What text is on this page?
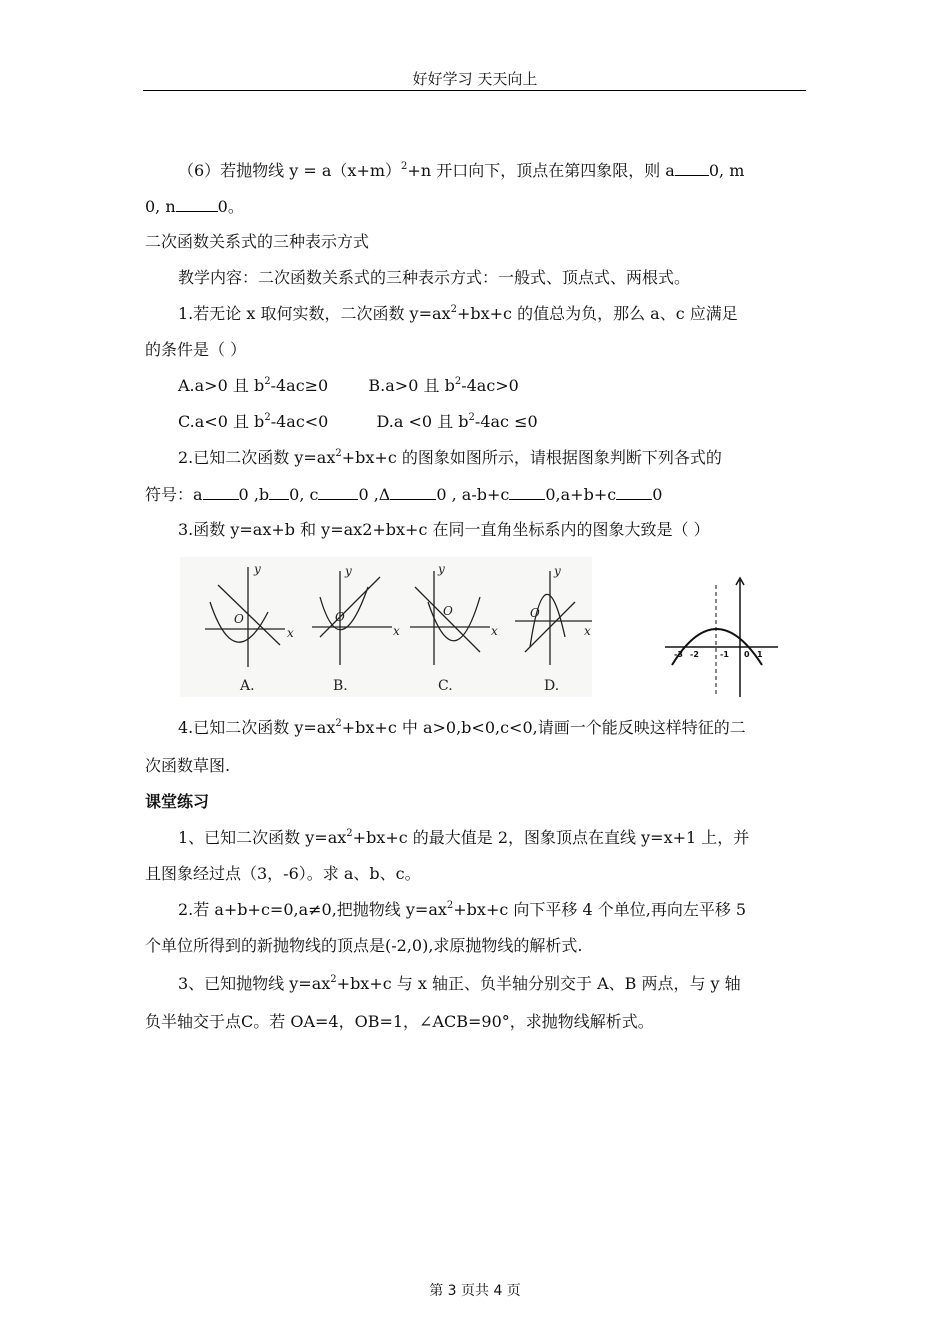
好好学习 天天向上
（6）若抛物线 $y = a(x+m)^2+n$ 开口向下，顶点在第四象限，则 a 0, m
0, n	0。
二次函数关系式的三种表示方式
教学内容：二次函数关系式的三种表示方式：一般式、顶点式、两根式。
1.若无论 x 取何实数，二次函数 $y=ax^2+bx+c$ 的值总为负，那么 a、c 应满足
的条件是（ ）
A.a>0 且 $b^2-4ac\ge 0$	B.a>0 且 $b^2-4ac>0$
C.a<0 且 $b^2-4ac<0$	D.a <0 且 $b^2-4ac \le 0$
2.已知二次函数 $y=ax^2+bx+c$ 的图象如图所示，请根据图象判断下列各式的
符号：a 0 ,b 0, c	0 ,Δ	0 , a-b+c 0,a+b+c 0
3.函数 y=ax+b 和 y=ax2+bx+c 在同一直角坐标系内的图象大致是（ ）
y
x
O
y
x
O
y
x
O
y
x
O
A.	B.	C.	D.
-3 -2	-1 0 1
4.已知二次函数 $y=ax^2+bx+c$ 中 a>0,b<0,c<0,请画一个能反映这样特征的二
次函数草图.
课堂练习
1、已知二次函数 $y=ax^2+bx+c$ 的最大值是 2，图象顶点在直线 y=x+1 上，并
且图象经过点（3，-6）。求 a、b、c。
2.若 a+b+c=0,a≠0,把抛物线 $y=ax^2+bx+c$ 向下平移 4 个单位,再向左平移 5
个单位所得到的新抛物线的顶点是(-2,0),求原抛物线的解析式.
3、已知抛物线 $y=ax^2+bx+c$ 与 x 轴正、负半轴分别交于 A、B 两点，与 y 轴
负半轴交于点C。若 OA=4，OB=1，∠ACB=90°，求抛物线解析式。
第 3 页共 4 页
